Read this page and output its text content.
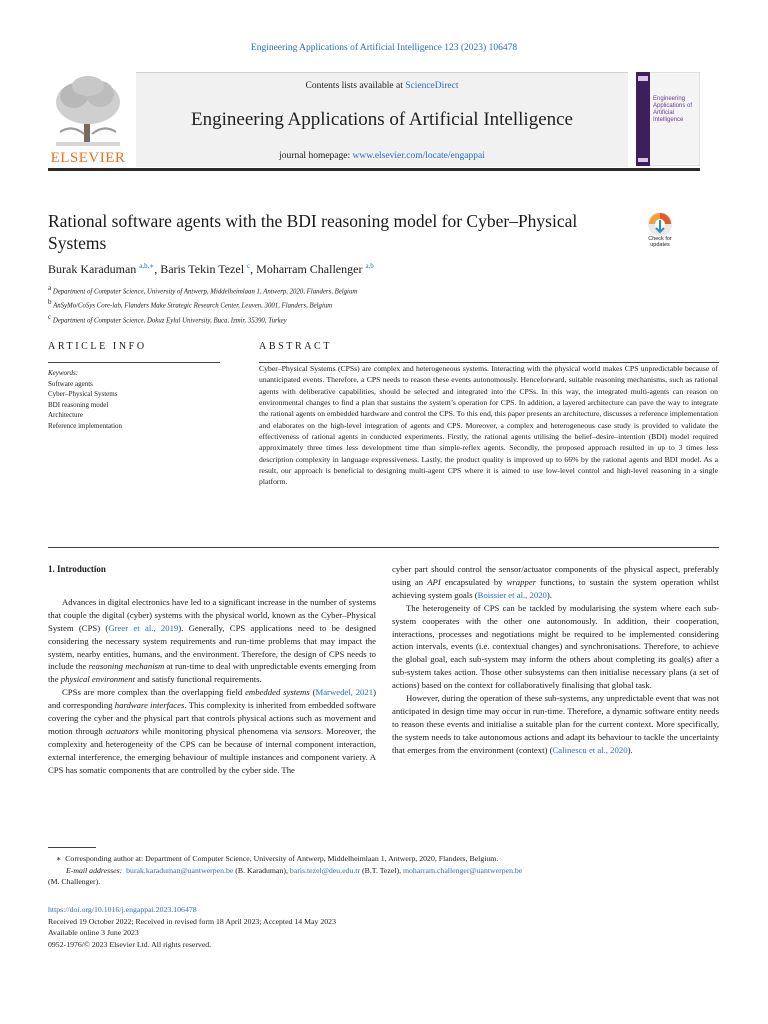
Engineering Applications of Artificial Intelligence 123 (2023) 106478
ELSEVIER
Contents lists available at ScienceDirect
Engineering Applications of Artificial Intelligence
journal homepage: www.elsevier.com/locate/engappai
Engineering Applications of Artificial Intelligence
Rational software agents with the BDI reasoning model for Cyber–Physical Systems	Check for updates
Burak Karaduman $^{a,b,∗}$, Baris Tekin Tezel $^c$, Moharram Challenger $^{a,b}$
$^a$ Department of Computer Science, University of Antwerp, Middelheimlaan 1, Antwerp, 2020, Flanders, Belgium
$^b$ AnSyMo/CoSys Core-lab, Flanders Make Strategic Research Center, Leuven, 3001, Flanders, Belgium
$^c$ Department of Computer Science, Dokuz Eylul University, Buca, Izmir, 35390, Turkey
ARTICLE INFO
Keywords:
Software agents
Cyber–Physical Systems
BDI reasoning model
Architecture
Reference implementation
ABSTRACT
Cyber–Physical Systems (CPSs) are complex and heterogeneous systems. Interacting with the physical world makes CPS unpredictable because of unanticipated events. Therefore, a CPS needs to reason these events autonomously. Henceforward, suitable reasoning mechanisms, such as rational agents with deliberative capabilities, should be selected and integrated into the CPSs. In this way, the integrated multi-agents can reason on environmental changes to find a plan that sustains the system’s operation for CPS. In addition, a layered architecture can pave the way to integrate the rational agents on embedded hardware and control the CPS. To this end, this paper presents an architecture, discusses a reference implementation and elaborates on the high-level integration of agents and CPS. Moreover, a complex and heterogeneous case study is provided to validate the effectiveness of rational agents in conducted experiments. Firstly, the rational agents utilising the belief–desire–intention (BDI) model required approximately three times less development time than simple-reflex agents. Secondly, the proposed approach resulted in up to 3 times less description complexity in language expressiveness. Lastly, the product quality is improved up to 66% by the rational agents and BDI model. As a result, our approach is beneficial to designing multi-agent CPS where it is aimed to use low-level control and high-level reasoning in a single platform.
1. Introduction

Advances in digital electronics have led to a significant increase in the number of systems that couple the digital (cyber) systems with the physical world, known as the Cyber–Physical System (CPS) (Greer et al., 2019). Generally, CPS applications need to be designed considering the necessary system requirements and run-time problems that may impact the system, nearby entities, humans, and the environment. Therefore, the design of CPS needs to include the reasoning mechanism at run-time to deal with unpredictable events emerging from the physical environment and satisfy functional requirements.

CPSs are more complex than the overlapping field embedded systems (Marwedel, 2021) and corresponding hardware interfaces. This complexity is inherited from embedded software covering the cyber and the physical part that controls physical actions such as movement and motion through actuators while monitoring physical phenomena via sensors. Moreover, the complexity and heterogeneity of the CPS can be because of internal component interaction, external interference, the emerging behaviour of multiple instances and component variety. A CPS has somatic components that are controlled by the cyber side. The

cyber part should control the sensor/actuator components of the physical aspect, preferably using an API encapsulated by wrapper functions, to sustain the system operation whilst achieving system goals (Boissier et al., 2020).

The heterogeneity of CPS can be tackled by modularising the system where each sub-system cooperates with the other one autonomously. In addition, their cooperation, interactions, processes and negotiations might be required to be implemented considering action intervals, events (i.e. contextual changes) and synchronisations. Therefore, to achieve the global goal, each sub-system may inform the others about completing its goal(s) after a sub-system takes action. Those other subsystems can then initialise necessary plans (a set of actions) based on the context for collaboratively finalising that global task.

However, during the operation of these sub-systems, any unpredictable event that was not anticipated in design time may occur in run-time. Therefore, a dynamic software entity needs to reason these events and initialise a suitable plan for the current context. More specifically, the system needs to take autonomous actions and adapt its behaviour to tackle the uncertainty that emerges from the environment (context) (Calinescu et al., 2020).

∗ Corresponding author at: Department of Computer Science, University of Antwerp, Middelheimlaan 1, Antwerp, 2020, Flanders, Belgium.
E-mail addresses: burak.karaduman@uantwerpen.be (B. Karaduman), baris.tezel@deu.edu.tr (B.T. Tezel), moharram.challenger@uantwerpen.be
(M. Challenger).
https://doi.org/10.1016/j.engappai.2023.106478
Received 19 October 2022; Received in revised form 18 April 2023; Accepted 14 May 2023
Available online 3 June 2023
0952-1976/© 2023 Elsevier Ltd. All rights reserved.
